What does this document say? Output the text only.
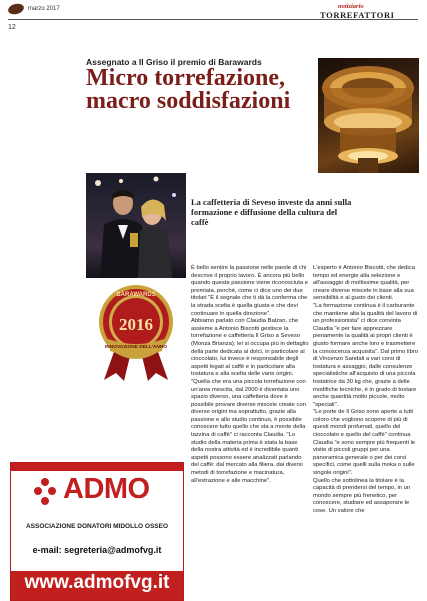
marzo 2017	notiziario
TORREFATTORI
12
Assegnato a Il Griso il premio di Barawards
Micro torrefazione, macro soddisfazioni
La caffetteria di Seveso investe da anni sulla formazione e diffusione della cultura del caffè
BARAWARDS
2016
INNOVAZIONE DELL'ANNO
ADMO
ASSOCIAZIONE DONATORI MIDOLLO OSSEO
e-mail: segreteria@admofvg.it
www.admofvg.it

È bello sentire la passione nelle parole di chi descrive il proprio lavoro. È ancora più bello quando questa passione viene riconosciuta e premiata, perché, come ci dice uno dei due titolari "È il segnale che ti dà la conferma che la strada scelta è quella giusta e che devi continuare in quella direzione".

Abbiamo parlato con Claudia Balzan, che assieme a Antonio Biscotti gestisce la torrefazione e caffetteria Il Griso a Seveso (Monza Brianza); lei si occupa più in dettaglio della parte dedicata ai dolci, in particolare al cioccolato, lui invece è responsabile degli aspetti legati al caffè e in particolare alla tostatura e alla scelta delle varie origini.

"Quella che era una piccola torrefazione con un'area mescita, dal 2000 è diventata uno spazio diverso, una caffetteria dove è possibile provare diverse miscele create con diverse origini ma soprattutto, grazie alla passione e allo studio continuo, è possibile conoscere tutto quello che sta a monte della tazzina di caffè" ci racconta Claudia. "Lo studio della materia prima è stata la base della nostra attività ed è incredibile quanti aspetti possono essere analizzati parlando del caffè: dal mercato alla filiera, dai diversi metodi di torrefazione e macinatura, all'estrazione e alle macchine".

L'esperto è Antonio Biscotti, che dedica tempo ed energie alla selezione e all'assaggio di moltissime qualità, per creare diverse miscele in base alla sua sensibilità e al gusto dei clienti.

"La formazione continua è il carburante che mantiene alta la qualità del lavoro di un professionista" ci dice convinta Claudia "e per fare apprezzare pienamente la qualità ai propri clienti è giusto formare anche loro e trasmettere la conoscenza acquisita". Dal primo libro di Vincenzo Sandali a vari corsi di tostatura e assaggio, dalle consulenze specialistiche all'acquisto di una piccola tostatrice da 30 kg che, grazie a delle modifiche tecniche, è in grado di tostare anche quantità molto piccole, molto "speciali".

"Le porte de Il Griso sono aperte a tutti coloro che vogliono scoprire di più di questi mondi profumati, quello del cioccolato e quello del caffè" continua Claudia "e sono sempre più frequenti le visite di piccoli gruppi per una panoramica generale o per dei corsi specifici, come quelli sulla moka o sulle singole origini".

Quello che sottolinea la titolare è la capacità di prendersi del tempo, in un mondo sempre più frenetico, per conoscere, studiare ed assaporare le cose. Un valore che
